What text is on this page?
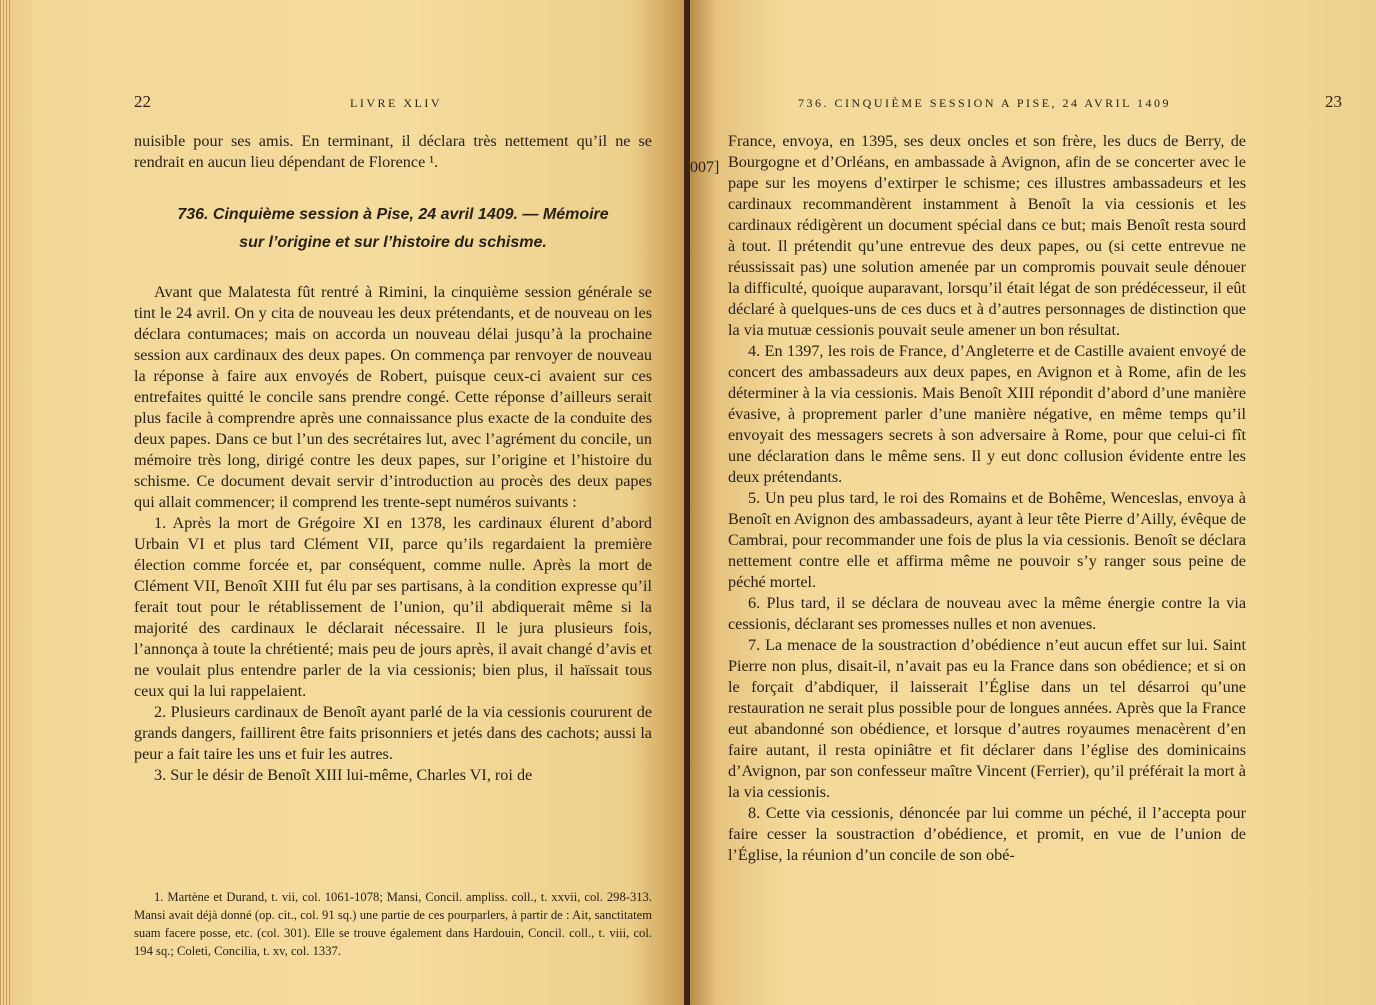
22	LIVRE XLIV

nuisible pour ses amis. En terminant, il déclara très nettement qu’il ne se rendrait en aucun lieu dépendant de Florence ¹.

736. Cinquième session à Pise, 24 avril 1409. — Mémoire
sur l’origine et sur l’histoire du schisme.

Avant que Malatesta fût rentré à Rimini, la cinquième session générale se tint le 24 avril. On y cita de nouveau les deux prétendants, et de nouveau on les déclara contumaces; mais on accorda un nouveau délai jusqu’à la prochaine session aux cardinaux des deux papes. On commença par renvoyer de nouveau la réponse à faire aux envoyés de Robert, puisque ceux-ci avaient sur ces entrefaites quitté le concile sans prendre congé. Cette réponse d’ailleurs serait plus facile à comprendre après une connaissance plus exacte de la conduite des deux papes. Dans ce but l’un des secrétaires lut, avec l’agrément du concile, un mémoire très long, dirigé contre les deux papes, sur l’origine et l’histoire du schisme. Ce document devait servir d’introduction au procès des deux papes qui allait commencer; il comprend les trente-sept numéros suivants :

1. Après la mort de Grégoire XI en 1378, les cardinaux élurent d’abord Urbain VI et plus tard Clément VII, parce qu’ils regardaient la première élection comme forcée et, par conséquent, comme nulle. Après la mort de Clément VII, Benoît XIII fut élu par ses partisans, à la condition expresse qu’il ferait tout pour le rétablissement de l’union, qu’il abdiquerait même si la majorité des cardinaux le déclarait nécessaire. Il le jura plusieurs fois, l’annonça à toute la chrétienté; mais peu de jours après, il avait changé d’avis et ne voulait plus entendre parler de la via cessionis; bien plus, il haïssait tous ceux qui la lui rappelaient.

2. Plusieurs cardinaux de Benoît ayant parlé de la via cessionis coururent de grands dangers, faillirent être faits prisonniers et jetés dans des cachots; aussi la peur a fait taire les uns et fuir les autres.

3. Sur le désir de Benoît XIII lui-même, Charles VI, roi de

1. Martène et Durand, t. vii, col. 1061-1078; Mansi, Concil. ampliss. coll., t. xxvii, col. 298-313. Mansi avait déjà donné (op. cit., col. 91 sq.) une partie de ces pourparlers, à partir de : Ait, sanctitatem suam facere posse, etc. (col. 301). Elle se trouve également dans Hardouin, Concil. coll., t. viii, col. 194 sq.; Coleti, Concilia, t. xv, col. 1337.

736. CINQUIÈME SESSION A PISE, 24 AVRIL 1409	23
007]

France, envoya, en 1395, ses deux oncles et son frère, les ducs de Berry, de Bourgogne et d’Orléans, en ambassade à Avignon, afin de se concerter avec le pape sur les moyens d’extirper le schisme; ces illustres ambassadeurs et les cardinaux recommandèrent instamment à Benoît la via cessionis et les cardinaux rédigèrent un document spécial dans ce but; mais Benoît resta sourd à tout. Il prétendit qu’une entrevue des deux papes, ou (si cette entrevue ne réussissait pas) une solution amenée par un compromis pouvait seule dénouer la difficulté, quoique auparavant, lorsqu’il était légat de son prédécesseur, il eût déclaré à quelques-uns de ces ducs et à d’autres personnages de distinction que la via mutuæ cessionis pouvait seule amener un bon résultat.

4. En 1397, les rois de France, d’Angleterre et de Castille avaient envoyé de concert des ambassadeurs aux deux papes, en Avignon et à Rome, afin de les déterminer à la via cessionis. Mais Benoît XIII répondit d’abord d’une manière évasive, à proprement parler d’une manière négative, en même temps qu’il envoyait des messagers secrets à son adversaire à Rome, pour que celui-ci fît une déclaration dans le même sens. Il y eut donc collusion évidente entre les deux prétendants.

5. Un peu plus tard, le roi des Romains et de Bohême, Wenceslas, envoya à Benoît en Avignon des ambassadeurs, ayant à leur tête Pierre d’Ailly, évêque de Cambrai, pour recommander une fois de plus la via cessionis. Benoît se déclara nettement contre elle et affirma même ne pouvoir s’y ranger sous peine de péché mortel.

6. Plus tard, il se déclara de nouveau avec la même énergie contre la via cessionis, déclarant ses promesses nulles et non avenues.

7. La menace de la soustraction d’obédience n’eut aucun effet sur lui. Saint Pierre non plus, disait-il, n’avait pas eu la France dans son obédience; et si on le forçait d’abdiquer, il laisserait l’Église dans un tel désarroi qu’une restauration ne serait plus possible pour de longues années. Après que la France eut abandonné son obédience, et lorsque d’autres royaumes menacèrent d’en faire autant, il resta opiniâtre et fit déclarer dans l’église des dominicains d’Avignon, par son confesseur maître Vincent (Ferrier), qu’il préférait la mort à la via cessionis.

8. Cette via cessionis, dénoncée par lui comme un péché, il l’accepta pour faire cesser la soustraction d’obédience, et promit, en vue de l’union de l’Église, la réunion d’un concile de son obé-
